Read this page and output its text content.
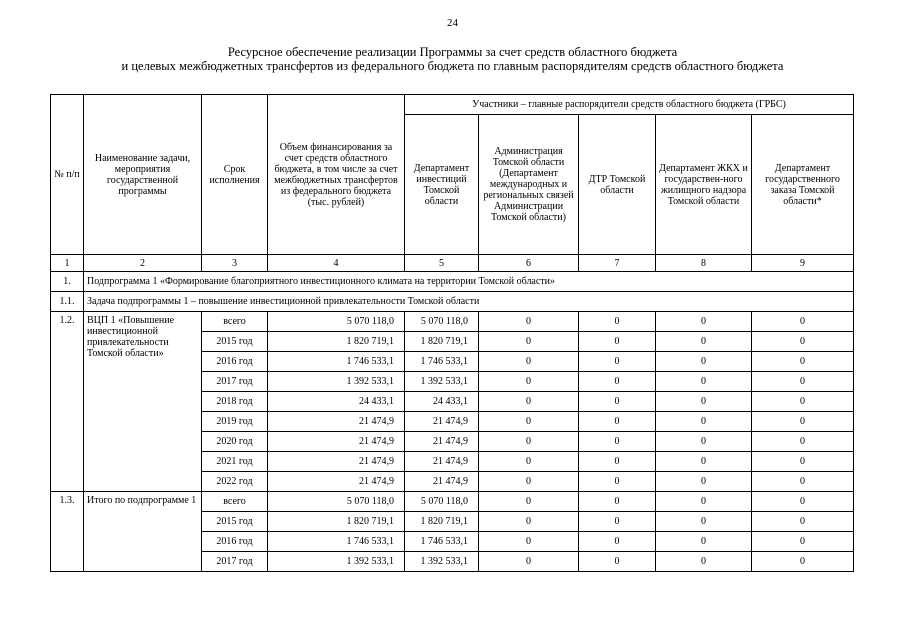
24
Ресурсное обеспечение реализации Программы за счет средств областного бюджета
и целевых межбюджетных трансфертов из федерального бюджета по главным распорядителям средств областного бюджета
№ п/п	Наименование задачи, мероприятия государственной программы	Срок исполнения	Объем финансирования за счет средств областного бюджета, в том числе за счет межбюджетных трансфертов из федерального бюджета (тыс. рублей)	Участники – главные распорядители средств областного бюджета (ГРБС)				
				Департамент инвестиций Томской области	Администрация Томской области (Департамент международных и региональных связей Администрации Томской области)	ДТР Томской области	Департамент ЖКХ и государствен-ного жилищного надзора Томской области	Департамент государственного заказа Томской области*
1	2	3	4	5	6	7	8	9
1.	Подпрограмма 1 «Формирование благоприятного инвестиционного климата на территории Томской области»							
1.1.	Задача подпрограммы 1 – повышение инвестиционной привлекательности Томской области							
1.2.	ВЦП 1 «Повышение инвестиционной привлекательности Томской области»	всего	5 070 118,0	5 070 118,0	0	0	0	0
		2015 год	1 820 719,1	1 820 719,1	0	0	0	0
		2016 год	1 746 533,1	1 746 533,1	0	0	0	0
		2017 год	1 392 533,1	1 392 533,1	0	0	0	0
		2018 год	24 433,1	24 433,1	0	0	0	0
		2019 год	21 474,9	21 474,9	0	0	0	0
		2020 год	21 474,9	21 474,9	0	0	0	0
		2021 год	21 474,9	21 474,9	0	0	0	0
		2022 год	21 474,9	21 474,9	0	0	0	0
1.3.	Итого по подпрограмме 1	всего	5 070 118,0	5 070 118,0	0	0	0	0
		2015 год	1 820 719,1	1 820 719,1	0	0	0	0
		2016 год	1 746 533,1	1 746 533,1	0	0	0	0
		2017 год	1 392 533,1	1 392 533,1	0	0	0	0
